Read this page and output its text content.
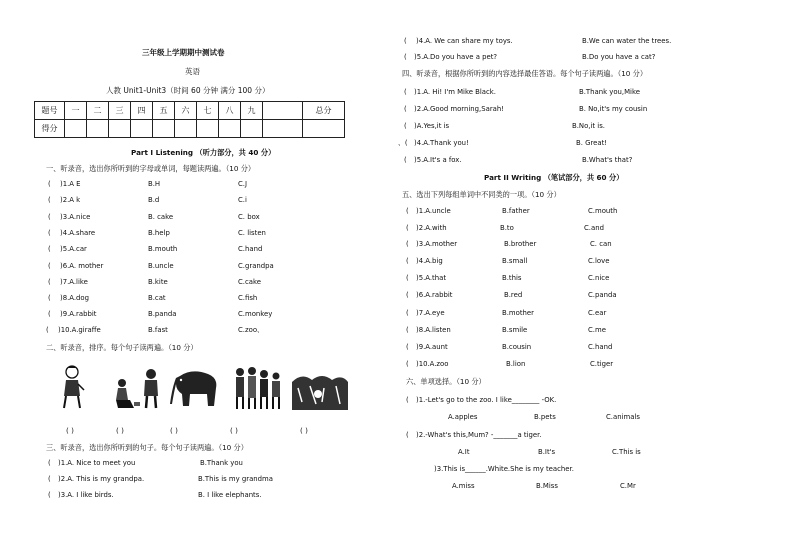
三年级上学期期中测试卷
英语
人教 Unit1-Unit3（时间 60 分钟 满分 100 分）
题号	一	二	三	四	五	六	七	八	九		总分
得分											
Part I Listening （听力部分，共 40 分）
一、听录音，选出你所听到的字母或单词，每题读两遍。（10 分）
( )1.A E	B.H	C.J
( )2.A k	B.d	C.i
( )3.A.nice	B. cake	C. box
( )4.A.share	B.help	C. listen
( )5.A.car	B.mouth	C.hand
( )6.A. mother	B.uncle	C.grandpa
( )7.A.like	B.kite	C.cake
( )8.A.dog	B.cat	C.fish
( )9.A.rabbit	B.panda	C.monkey
( )10.A.giraffe	B.fast	C.zoo、
二、听录音，排序。每个句子读两遍。（10 分）
( )	( )	( )	( )	( )
三、听录音，选出你所听到的句子。每个句子读两遍。（10 分）
( )1.A. Nice to meet you	B.Thank you
( )2.A. This is my grandpa.	B.This is my grandma
( )3.A. I like birds.	B. I like elephants.
( )4.A. We can share my toys.	B.We can water the trees.
( )5.A.Do you have a pet?	B.Do you have a cat?
四、听录音，根据你所听到的内容选择最佳答语。每个句子读两遍。（10 分）
( )1.A. Hi! I'm Mike Black.	B.Thank you,Mike
( )2.A.Good morning,Sarah!	B. No,it's my cousin
( )A.Yes,it is	B.No,it is.
、( )4.A.Thank you!	B. Great!
( )5.A.It's a fox.	B.What's that?
Part II Writing （笔试部分，共 60 分）
五、选出下列每组单词中不同类的一项。（10 分）
( )1.A.uncle	B.father	C.mouth
( )2.A.with	B.to	C.and
( )3.A.mother	B.brother	C. can
( )4.A.big	B.small	C.love
( )5.A.that	B.this	C.nice
( )6.A.rabbit	B.red	C.panda
( )7.A.eye	B.mother	C.ear
( )8.A.listen	B.smile	C.me
( )9.A.aunt	B.cousin	C.hand
( )10.A.zoo	B.lion	C.tiger
六、单项选择。（10 分）
( )1.-Let's go to the zoo. I like________ -OK.
A.apples	B.pets	C.animals
( )2.-What's this,Mum? -_______a tiger.
A.It	B.It's	C.This is
)3.This is______.White.She is my teacher.
A.miss	B.Miss	C.Mr
